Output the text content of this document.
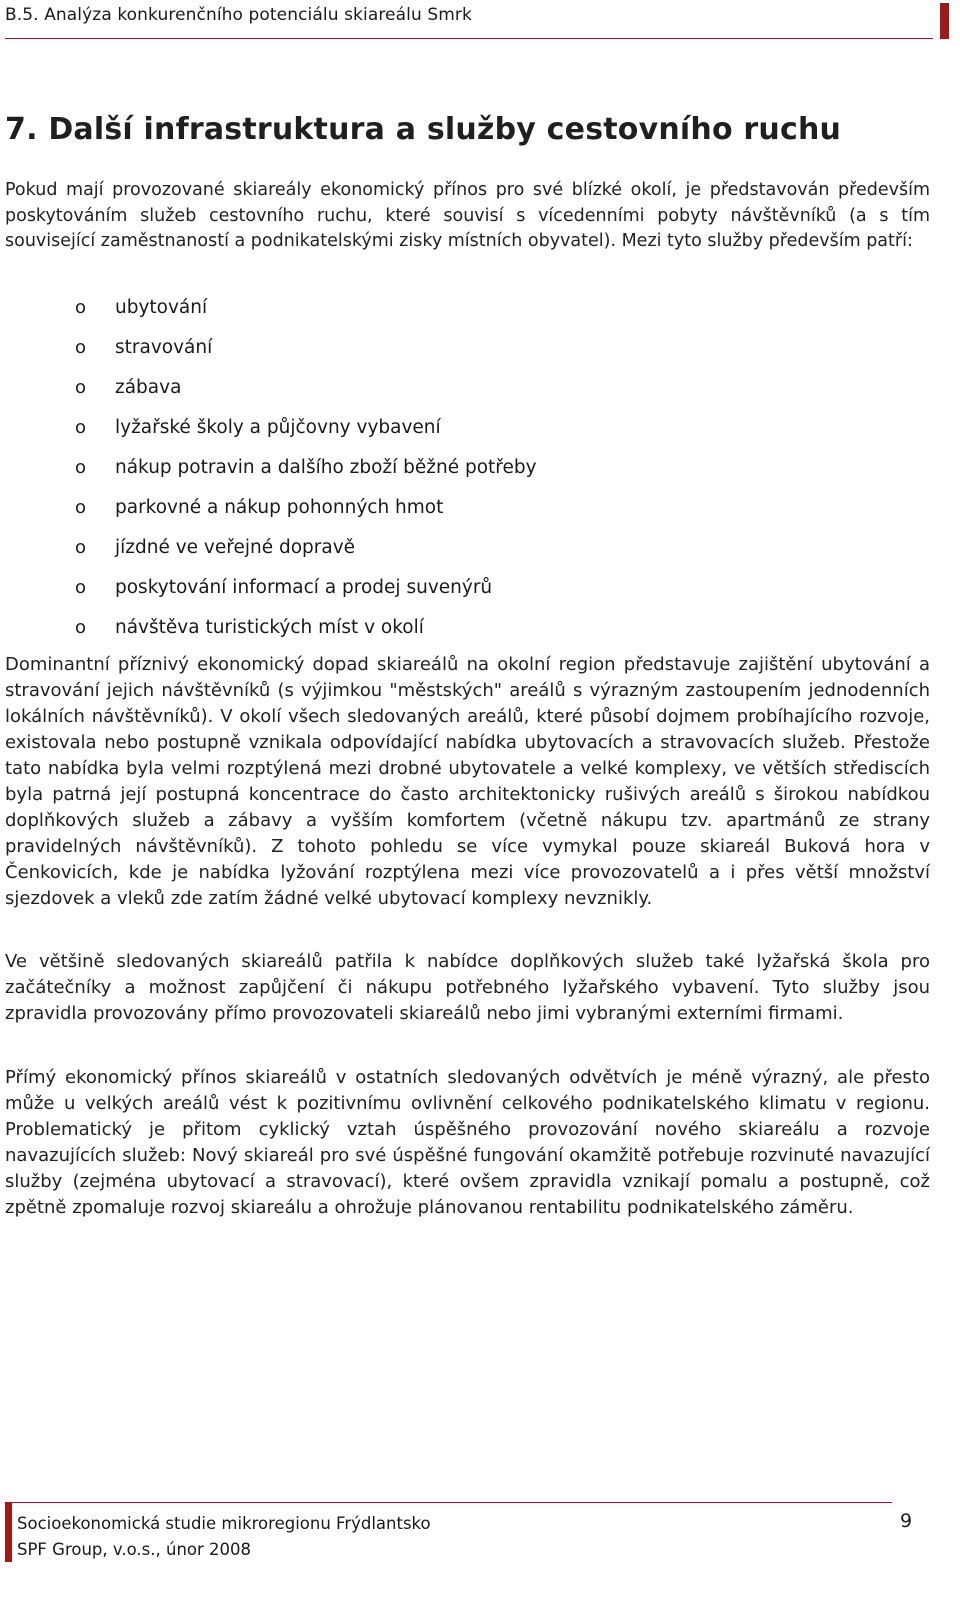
B.5. Analýza konkurenčního potenciálu skiareálu Smrk
7. Další infrastruktura a služby cestovního ruchu

Pokud mají provozované skiareály ekonomický přínos pro své blízké okolí, je představován především poskytováním služeb cestovního ruchu, které souvisí s vícedenními pobyty návštěvníků (a s tím související zaměstnaností a podnikatelskými zisky místních obyvatel). Mezi tyto služby především patří:

o	ubytování
o	stravování
o	zábava
o	lyžařské školy a půjčovny vybavení
o	nákup potravin a dalšího zboží běžné potřeby
o	parkovné a nákup pohonných hmot
o	jízdné ve veřejné dopravě
o	poskytování informací a prodej suvenýrů
o	návštěva turistických míst v okolí

Dominantní příznivý ekonomický dopad skiareálů na okolní region představuje zajištění ubytování a stravování jejich návštěvníků (s výjimkou "městských" areálů s výrazným zastoupením jednodenních lokálních návštěvníků). V okolí všech sledovaných areálů, které působí dojmem probíhajícího rozvoje, existovala nebo postupně vznikala odpovídající nabídka ubytovacích a stravovacích služeb. Přestože tato nabídka byla velmi rozptýlená mezi drobné ubytovatele a velké komplexy, ve větších střediscích byla patrná její postupná koncentrace do často architektonicky rušivých areálů s širokou nabídkou doplňkových služeb a zábavy a vyšším komfortem (včetně nákupu tzv. apartmánů ze strany pravidelných návštěvníků). Z tohoto pohledu se více vymykal pouze skiareál Buková hora v Čenkovicích, kde je nabídka lyžování rozptýlena mezi více provozovatelů a i přes větší množství sjezdovek a vleků zde zatím žádné velké ubytovací komplexy nevznikly.

Ve většině sledovaných skiareálů patřila k nabídce doplňkových služeb také lyžařská škola pro začátečníky a možnost zapůjčení či nákupu potřebného lyžařského vybavení. Tyto služby jsou zpravidla provozovány přímo provozovateli skiareálů nebo jimi vybranými externími firmami.

Přímý ekonomický přínos skiareálů v ostatních sledovaných odvětvích je méně výrazný, ale přesto může u velkých areálů vést k pozitivnímu ovlivnění celkového podnikatelského klimatu v regionu. Problematický je přitom cyklický vztah úspěšného provozování nového skiareálu a rozvoje navazujících služeb: Nový skiareál pro své úspěšné fungování okamžitě potřebuje rozvinuté navazující služby (zejména ubytovací a stravovací), které ovšem zpravidla vznikají pomalu a postupně, což zpětně zpomaluje rozvoj skiareálu a ohrožuje plánovanou rentabilitu podnikatelského záměru.

Socioekonomická studie mikroregionu Frýdlantsko
SPF Group, v.o.s., únor 2008
9
